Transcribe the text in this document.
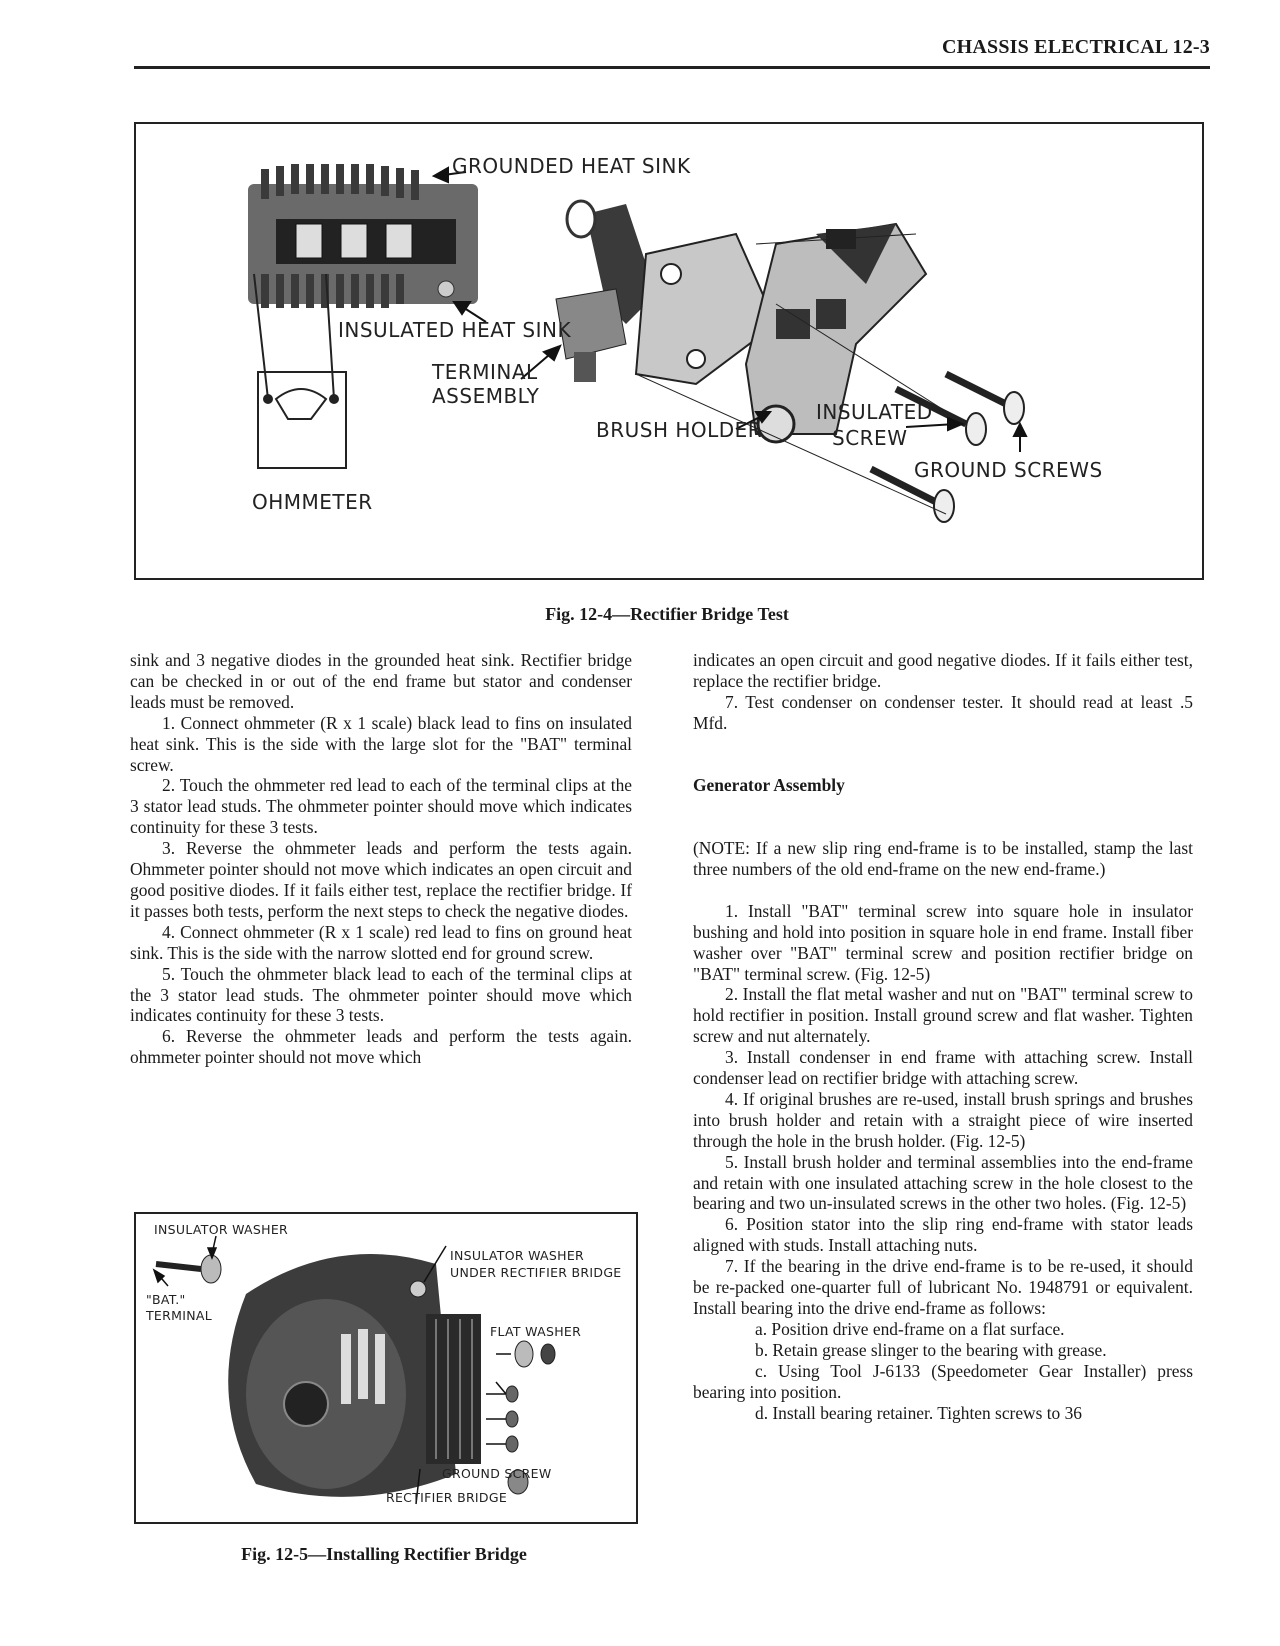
CHASSIS ELECTRICAL 12-3
GROUNDED HEAT SINK
INSULATED HEAT SINK
TERMINAL
ASSEMBLY
BRUSH HOLDER
INSULATED
SCREW
GROUND SCREWS
OHMMETER
Fig. 12-4—Rectifier Bridge Test

sink and 3 negative diodes in the grounded heat sink. Rectifier bridge can be checked in or out of the end frame but stator and condenser leads must be removed.

1. Connect ohmmeter (R x 1 scale) black lead to fins on insulated heat sink. This is the side with the large slot for the "BAT" terminal screw.

2. Touch the ohmmeter red lead to each of the terminal clips at the 3 stator lead studs. The ohmmeter pointer should move which indicates continuity for these 3 tests.

3. Reverse the ohmmeter leads and perform the tests again. Ohmmeter pointer should not move which indicates an open circuit and good positive diodes. If it fails either test, replace the rectifier bridge. If it passes both tests, perform the next steps to check the negative diodes.

4. Connect ohmmeter (R x 1 scale) red lead to fins on ground heat sink. This is the side with the narrow slotted end for ground screw.

5. Touch the ohmmeter black lead to each of the terminal clips at the 3 stator lead studs. The ohmmeter pointer should move which indicates continuity for these 3 tests.

6. Reverse the ohmmeter leads and perform the tests again. ohmmeter pointer should not move which

INSULATOR WASHER
INSULATOR WASHER
UNDER RECTIFIER BRIDGE
"BAT."
TERMINAL
FLAT WASHER
GROUND SCREW
RECTIFIER BRIDGE
Fig. 12-5—Installing Rectifier Bridge

indicates an open circuit and good negative diodes. If it fails either test, replace the rectifier bridge.

7. Test condenser on condenser tester. It should read at least .5 Mfd.

Generator Assembly

(NOTE: If a new slip ring end-frame is to be installed, stamp the last three numbers of the old end-frame on the new end-frame.)

1. Install "BAT" terminal screw into square hole in insulator bushing and hold into position in square hole in end frame. Install fiber washer over "BAT" terminal screw and position rectifier bridge on "BAT" terminal screw. (Fig. 12-5)

2. Install the flat metal washer and nut on "BAT" terminal screw to hold rectifier in position. Install ground screw and flat washer. Tighten screw and nut alternately.

3. Install condenser in end frame with attaching screw. Install condenser lead on rectifier bridge with attaching screw.

4. If original brushes are re-used, install brush springs and brushes into brush holder and retain with a straight piece of wire inserted through the hole in the brush holder. (Fig. 12-5)

5. Install brush holder and terminal assemblies into the end-frame and retain with one insulated attaching screw in the hole closest to the bearing and two un-insulated screws in the other two holes. (Fig. 12-5)

6. Position stator into the slip ring end-frame with stator leads aligned with studs. Install attaching nuts.

7. If the bearing in the drive end-frame is to be re-used, it should be re-packed one-quarter full of lubricant No. 1948791 or equivalent. Install bearing into the drive end-frame as follows:

a. Position drive end-frame on a flat surface.

b. Retain grease slinger to the bearing with grease.

c. Using Tool J-6133 (Speedometer Gear Installer) press bearing into position.

d. Install bearing retainer. Tighten screws to 36
